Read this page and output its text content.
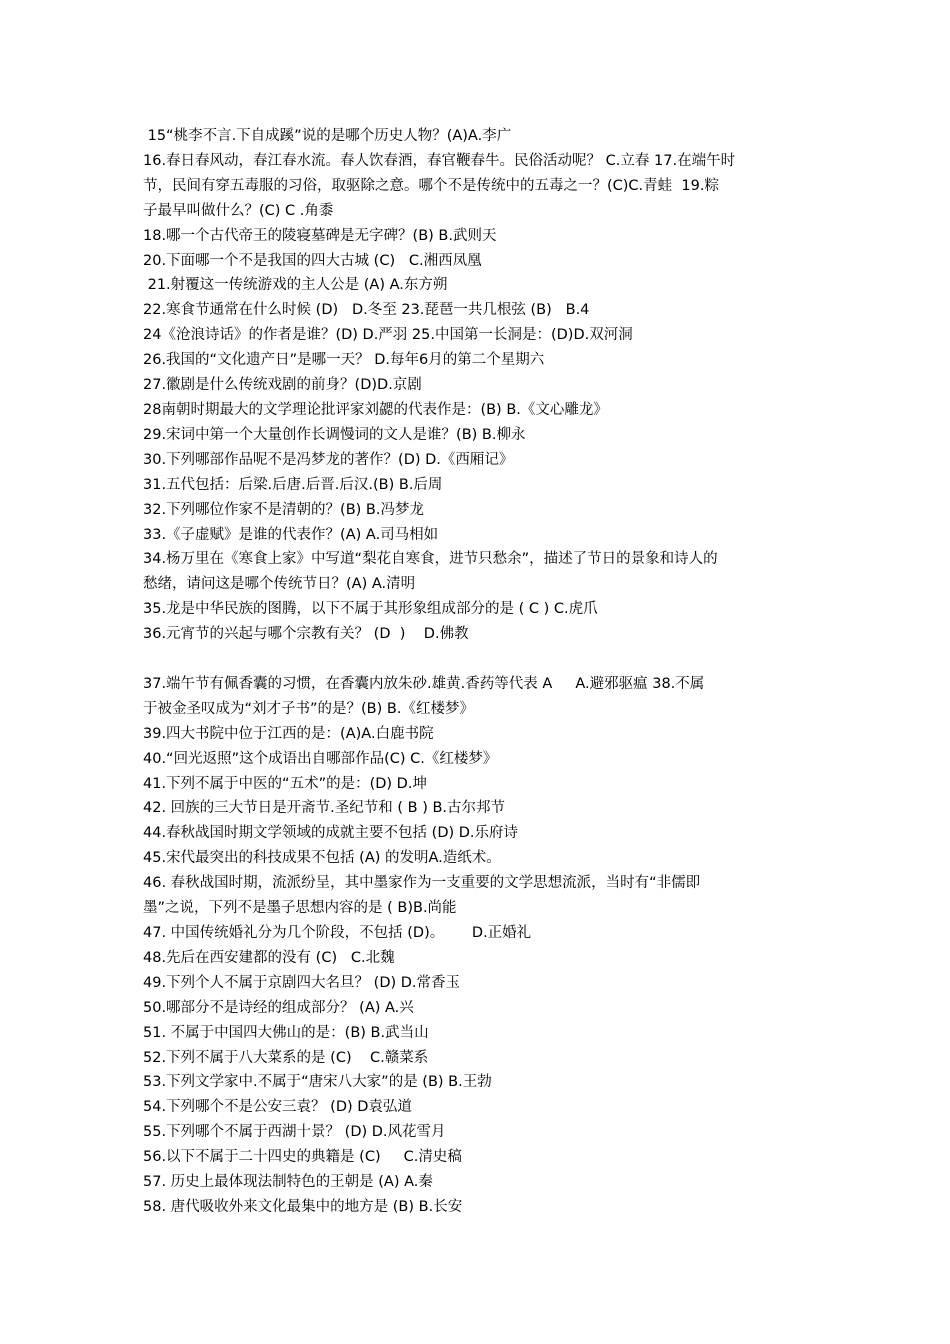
15“桃李不言.下自成蹊”说的是哪个历史人物？(A)A.李广
16.春日春风动，春江春水流。春人饮春酒，春官鞭春牛。民俗活动呢？ C.立春 17.在端午时
节，民间有穿五毒服的习俗，取驱除之意。哪个不是传统中的五毒之一？(C)C.青蛙  19.粽
子最早叫做什么？(C) C .角黍
18.哪一个古代帝王的陵寝墓碑是无字碑？(B) B.武则天
20.下面哪一个不是我国的四大古城 (C)   C.湘西凤凰
21.射覆这一传统游戏的主人公是 (A) A.东方朔
22.寒食节通常在什么时候 (D)   D.冬至 23.琵琶一共几根弦 (B)   B.4
24《沧浪诗话》的作者是谁？(D) D.严羽 25.中国第一长洞是：(D)D.双河洞
26.我国的“文化遗产日”是哪一天？ D.每年6月的第二个星期六
27.徽剧是什么传统戏剧的前身？(D)D.京剧
28南朝时期最大的文学理论批评家刘勰的代表作是：(B) B.《文心雕龙》
29.宋词中第一个大量创作长调慢词的文人是谁？(B) B.柳永
30.下列哪部作品呢不是冯梦龙的著作？(D) D.《西厢记》
31.五代包括：后梁.后唐.后晋.后汉.(B) B.后周
32.下列哪位作家不是清朝的？(B) B.冯梦龙
33.《子虚赋》是谁的代表作？(A) A.司马相如
34.杨万里在《寒食上家》中写道“梨花自寒食，进节只愁余”，描述了节日的景象和诗人的
愁绪，请问这是哪个传统节日？(A) A.清明
35.龙是中华民族的图腾，以下不属于其形象组成部分的是 ( C ) C.虎爪
36.元宵节的兴起与哪个宗教有关？ (D  )    D.佛教
37.端午节有佩香囊的习惯，在香囊内放朱砂.雄黄.香药等代表 A     A.避邪驱瘟 38.不属
于被金圣叹成为“刘才子书”的是？(B) B.《红楼梦》
39.四大书院中位于江西的是：(A)A.白鹿书院
40.“回光返照”这个成语出自哪部作品(C) C.《红楼梦》
41.下列不属于中医的“五术”的是：(D) D.坤
42. 回族的三大节日是开斋节.圣纪节和 ( B ) B.古尔邦节
44.春秋战国时期文学领域的成就主要不包括 (D) D.乐府诗
45.宋代最突出的科技成果不包括 (A) 的发明A.造纸术。
46. 春秋战国时期，流派纷呈，其中墨家作为一支重要的文学思想流派，当时有“非儒即
墨”之说，下列不是墨子思想内容的是 ( B)B.尚能
47. 中国传统婚礼分为几个阶段，不包括 (D)。      D.正婚礼
48.先后在西安建都的没有 (C)   C.北魏
49.下列个人不属于京剧四大名旦？ (D) D.常香玉
50.哪部分不是诗经的组成部分？ (A) A.兴
51. 不属于中国四大佛山的是：(B) B.武当山
52.下列不属于八大菜系的是 (C)    C.赣菜系
53.下列文学家中.不属于“唐宋八大家”的是 (B) B.王勃
54.下列哪个不是公安三袁？ (D) D袁弘道
55.下列哪个不属于西湖十景？ (D) D.风花雪月
56.以下不属于二十四史的典籍是 (C)     C.清史稿
57. 历史上最体现法制特色的王朝是 (A) A.秦
58. 唐代吸收外来文化最集中的地方是 (B) B.长安
